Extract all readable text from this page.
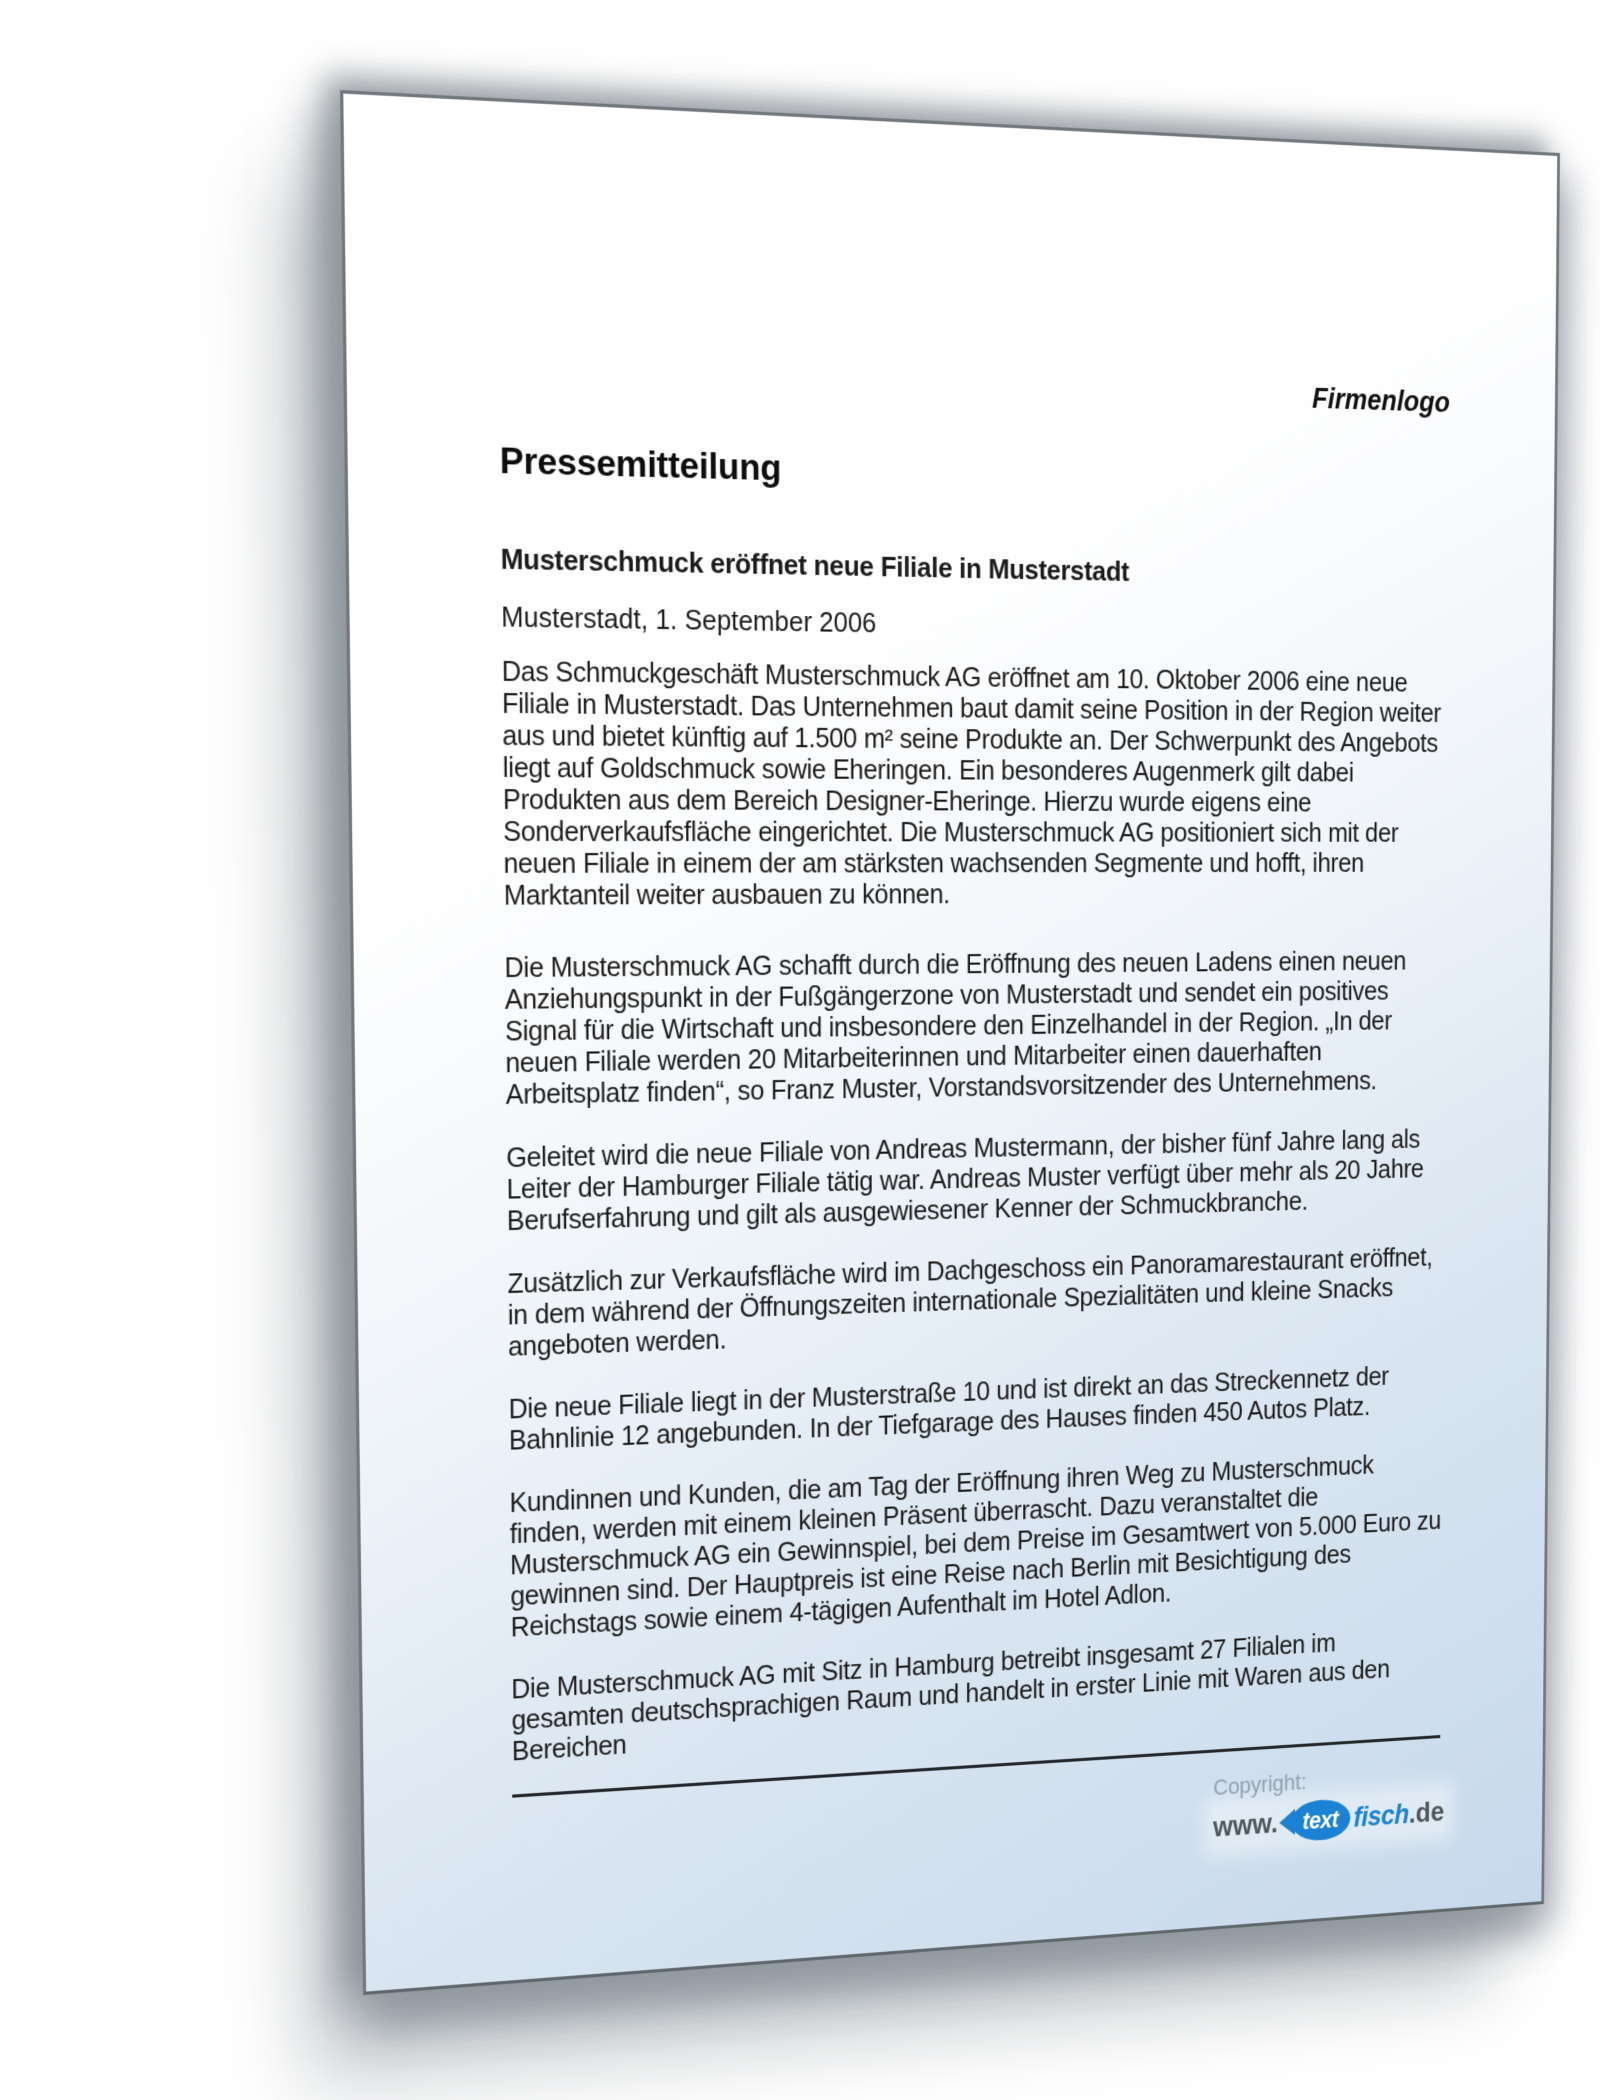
Firmenlogo
Pressemitteilung
Musterschmuck eröffnet neue Filiale in Musterstadt
Musterstadt, 1. September 2006

Das Schmuckgeschäft Musterschmuck AG eröffnet am 10. Oktober 2006 eine neue Filiale in Musterstadt. Das Unternehmen baut damit seine Position in der Region weiter aus und bietet künftig auf 1.500 m² seine Produkte an. Der Schwerpunkt des Angebots liegt auf Goldschmuck sowie Eheringen. Ein besonderes Augenmerk gilt dabei Produkten aus dem Bereich Designer-Eheringe. Hierzu wurde eigens eine Sonderverkaufsfläche eingerichtet. Die Musterschmuck AG positioniert sich mit der neuen Filiale in einem der am stärksten wachsenden Segmente und hofft, ihren Marktanteil weiter ausbauen zu können.

Die Musterschmuck AG schafft durch die Eröffnung des neuen Ladens einen neuen Anziehungspunkt in der Fußgängerzone von Musterstadt und sendet ein positives Signal für die Wirtschaft und insbesondere den Einzelhandel in der Region. „In der neuen Filiale werden 20 Mitarbeiterinnen und Mitarbeiter einen dauerhaften Arbeitsplatz finden“, so Franz Muster, Vorstandsvorsitzender des Unternehmens.

Geleitet wird die neue Filiale von Andreas Mustermann, der bisher fünf Jahre lang als Leiter der Hamburger Filiale tätig war. Andreas Muster verfügt über mehr als 20 Jahre Berufserfahrung und gilt als ausgewiesener Kenner der Schmuckbranche.

Zusätzlich zur Verkaufsfläche wird im Dachgeschoss ein Panoramarestaurant eröffnet, in dem während der Öffnungszeiten internationale Spezialitäten und kleine Snacks angeboten werden.

Die neue Filiale liegt in der Musterstraße 10 und ist direkt an das Streckennetz der Bahnlinie 12 angebunden. In der Tiefgarage des Hauses finden 450 Autos Platz.

Kundinnen und Kunden, die am Tag der Eröffnung ihren Weg zu Musterschmuck finden, werden mit einem kleinen Präsent überrascht. Dazu veranstaltet die Musterschmuck AG ein Gewinnspiel, bei dem Preise im Gesamtwert von 5.000 Euro zu gewinnen sind. Der Hauptpreis ist eine Reise nach Berlin mit Besichtigung des Reichstags sowie einem 4-tägigen Aufenthalt im Hotel Adlon.

Die Musterschmuck AG mit Sitz in Hamburg betreibt insgesamt 27 Filialen im gesamten deutschsprachigen Raum und handelt in erster Linie mit Waren aus den Bereichen

Copyright:
www. text fisch .de
